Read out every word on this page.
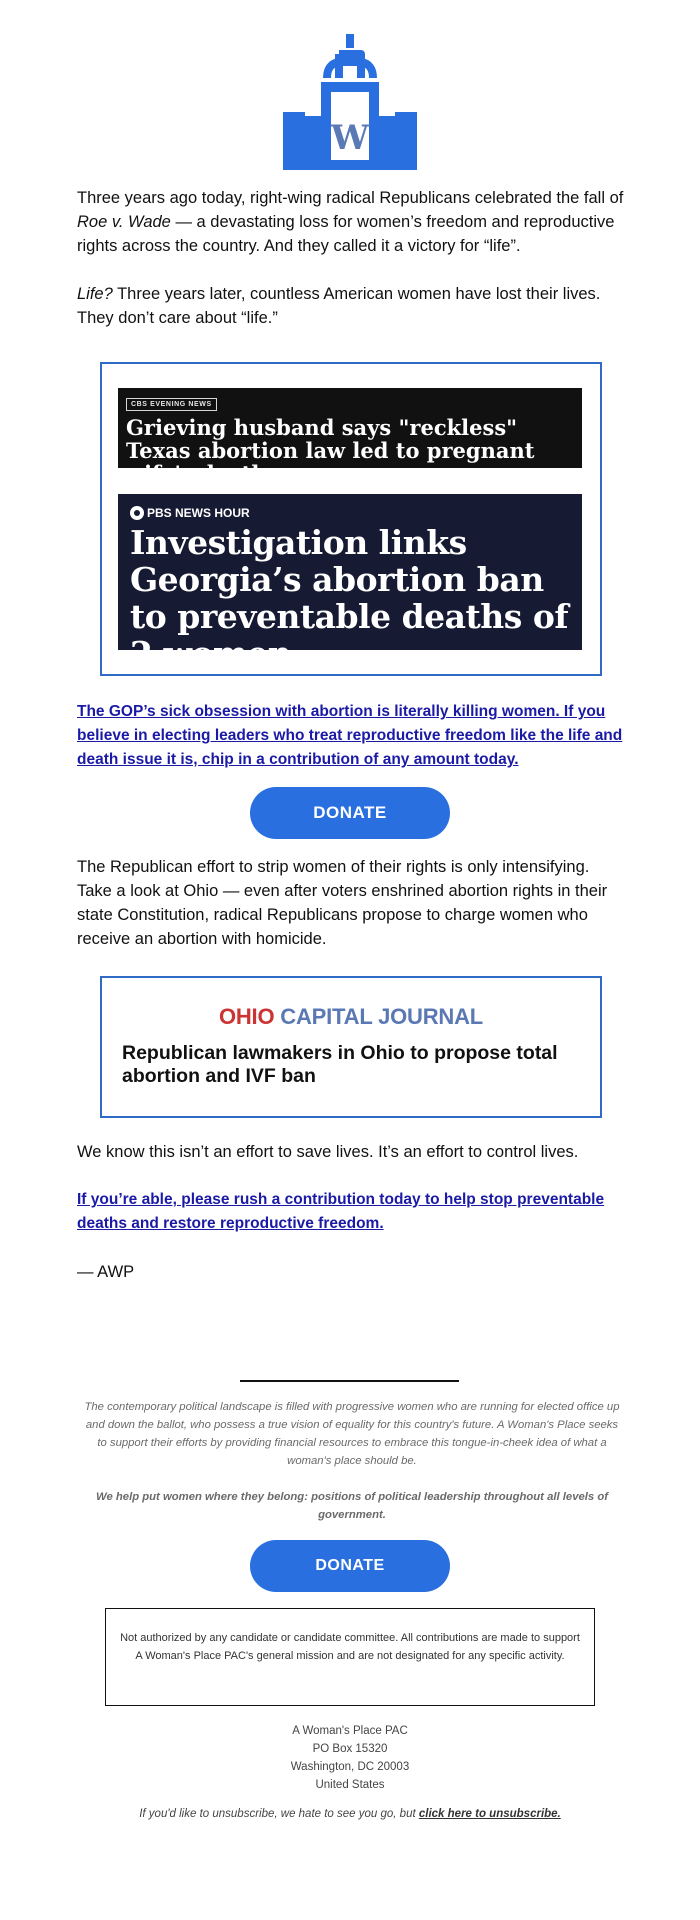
W

Three years ago today, right-wing radical Republicans celebrated the fall of Roe v. Wade — a devastating loss for women’s freedom and reproductive rights across the country. And they called it a victory for “life”.

Life? Three years later, countless American women have lost their lives. They don’t care about “life.”

CBS EVENING NEWS
Grieving husband says "reckless" Texas abortion law led to pregnant wife's death
PBS NEWS HOUR
Investigation links Georgia’s abortion ban to preventable deaths of 2 women
The GOP’s sick obsession with abortion is literally killing women. If you believe in electing leaders who treat reproductive freedom like the life and death issue it is, chip in a contribution of any amount today.
DONATE

The Republican effort to strip women of their rights is only intensifying. Take a look at Ohio — even after voters enshrined abortion rights in their state Constitution, radical Republicans propose to charge women who receive an abortion with homicide.

OHIO CAPITAL JOURNAL
Republican lawmakers in Ohio to propose total abortion and IVF ban

We know this isn’t an effort to save lives. It’s an effort to control lives.

If you’re able, please rush a contribution today to help stop preventable deaths and restore reproductive freedom.

— AWP

The contemporary political landscape is filled with progressive women who are running for elected office up and down the ballot, who possess a true vision of equality for this country's future. A Woman's Place seeks to support their efforts by providing financial resources to embrace this tongue-in-cheek idea of what a woman's place should be.

We help put women where they belong: positions of political leadership throughout all levels of government.

DONATE

Not authorized by any candidate or candidate committee. All contributions are made to support A Woman's Place PAC's general mission and are not designated for any specific activity.

A Woman's Place PAC
PO Box 15320
Washington, DC 20003
United States

If you'd like to unsubscribe, we hate to see you go, but click here to unsubscribe.
